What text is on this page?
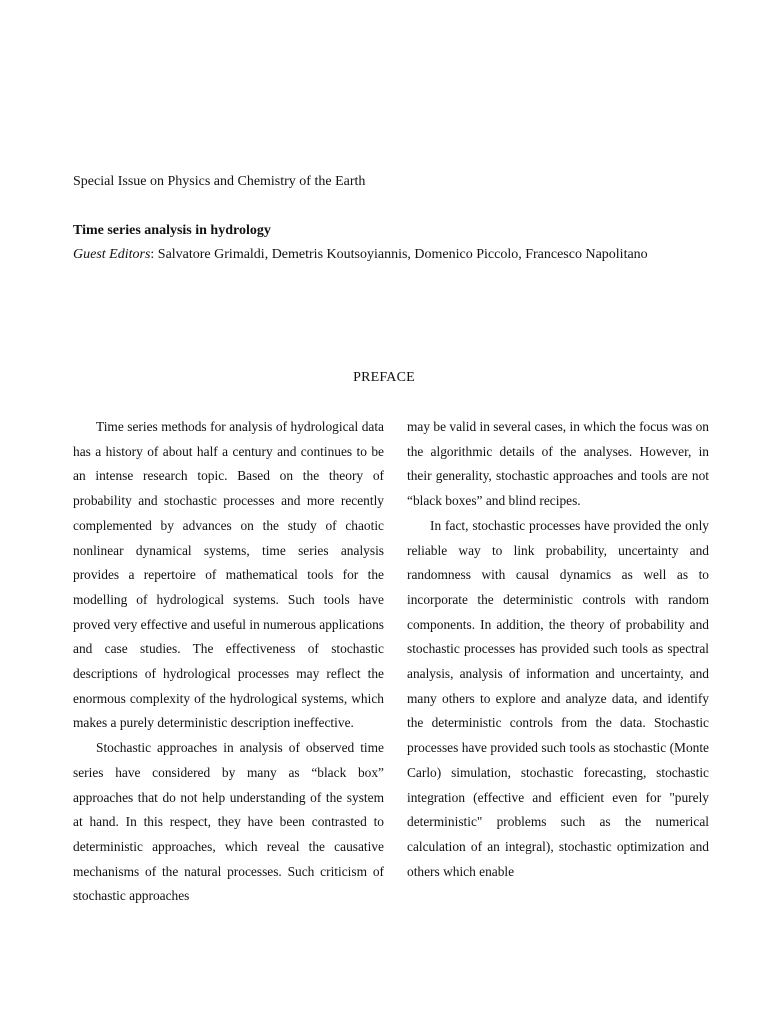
Special Issue on Physics and Chemistry of the Earth
Time series analysis in hydrology
Guest Editors: Salvatore Grimaldi, Demetris Koutsoyiannis, Domenico Piccolo, Francesco Napolitano
PREFACE

Time series methods for analysis of hydrological data has a history of about half a century and continues to be an intense research topic. Based on the theory of probability and stochastic processes and more recently complemented by advances on the study of chaotic nonlinear dynamical systems, time series analysis provides a repertoire of mathematical tools for the modelling of hydrological systems. Such tools have proved very effective and useful in numerous applications and case studies. The effectiveness of stochastic descriptions of hydrological processes may reflect the enormous complexity of the hydrological systems, which makes a purely deterministic description ineffective.

Stochastic approaches in analysis of observed time series have considered by many as “black box” approaches that do not help understanding of the system at hand. In this respect, they have been contrasted to deterministic approaches, which reveal the causative mechanisms of the natural processes. Such criticism of stochastic approaches

may be valid in several cases, in which the focus was on the algorithmic details of the analyses. However, in their generality, stochastic approaches and tools are not “black boxes” and blind recipes.

In fact, stochastic processes have provided the only reliable way to link probability, uncertainty and randomness with causal dynamics as well as to incorporate the deterministic controls with random components. In addition, the theory of probability and stochastic processes has provided such tools as spectral analysis, analysis of information and uncertainty, and many others to explore and analyze data, and identify the deterministic controls from the data. Stochastic processes have provided such tools as stochastic (Monte Carlo) simulation, stochastic forecasting, stochastic integration (effective and efficient even for "purely deterministic" problems such as the numerical calculation of an integral), stochastic optimization and others which enable
